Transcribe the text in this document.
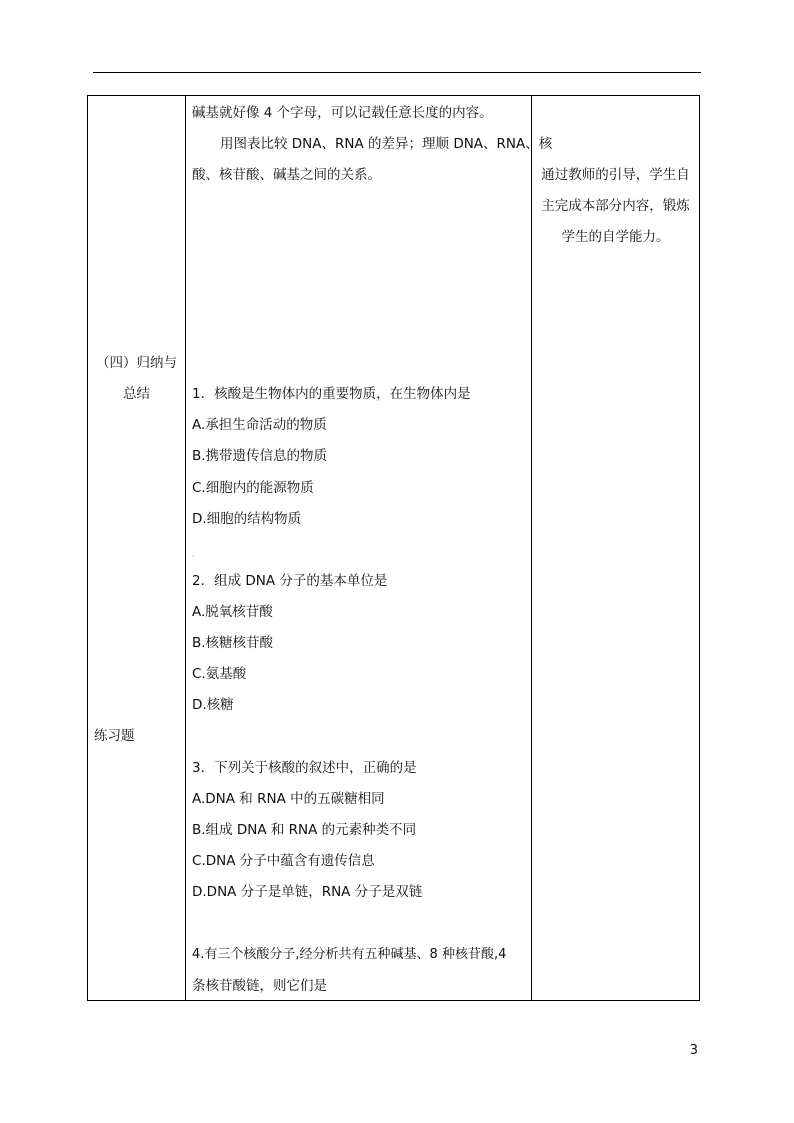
（四）归纳与
总结
练习题
碱基就好像 4 个字母，可以记载任意长度的内容。
用图表比较 DNA、RNA 的差异；理顺 DNA、RNA、核
酸、核苷酸、碱基之间的关系。
1．核酸是生物体内的重要物质，在生物体内是
A.承担生命活动的物质
B.携带遗传信息的物质
C.细胞内的能源物质
D.细胞的结构物质
·
2．组成 DNA 分子的基本单位是
A.脱氧核苷酸
B.核糖核苷酸
C.氨基酸
D.核糖
3．下列关于核酸的叙述中，正确的是
A.DNA 和 RNA 中的五碳糖相同
B.组成 DNA 和 RNA 的元素种类不同
C.DNA 分子中蕴含有遗传信息
D.DNA 分子是单链，RNA 分子是双链
4.有三个核酸分子,经分析共有五种碱基、8 种核苷酸,4
条核苷酸链，则它们是
通过教师的引导，学生自
主完成本部分内容，锻炼
学生的自学能力。
3
